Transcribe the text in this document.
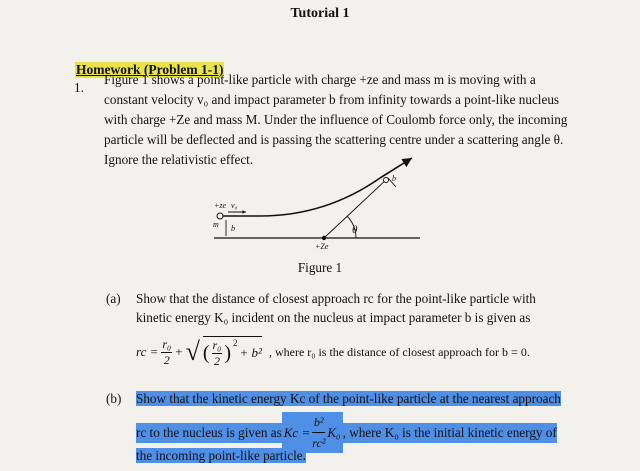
Tutorial 1
Homework (Problem 1-1)
1.
Figure 1 shows a point-like particle with charge +ze and mass m is moving with a
constant velocity v₀ and impact parameter b from infinity towards a point-like nucleus
with charge +Ze and mass M. Under the influence of Coulomb force only, the incoming
particle will be deflected and is passing the scattering centre under a scattering angle θ.
Ignore the relativistic effect.
+ze v₀
m b	θ
+Ze
b
Figure 1
(a) Show that the distance of closest approach rc for the point-like particle with
kinetic energy K₀ incident on the nucleus at impact parameter b is given as
rc = $\frac{\text{r₀}}{2}$ + √ ( $\frac{\text{r₀}}{2} )^2$
+ b² , where r₀ is the distance of closest approach for b = 0.
(b) Show that the kinetic energy Kc of the point-like particle at the nearest approach
rc to the nucleus is given as $Kc = \frac{\text{b²}}{\text{rc²}} K_0$ , where K₀ is the initial kinetic energy of
the incoming point-like particle.
